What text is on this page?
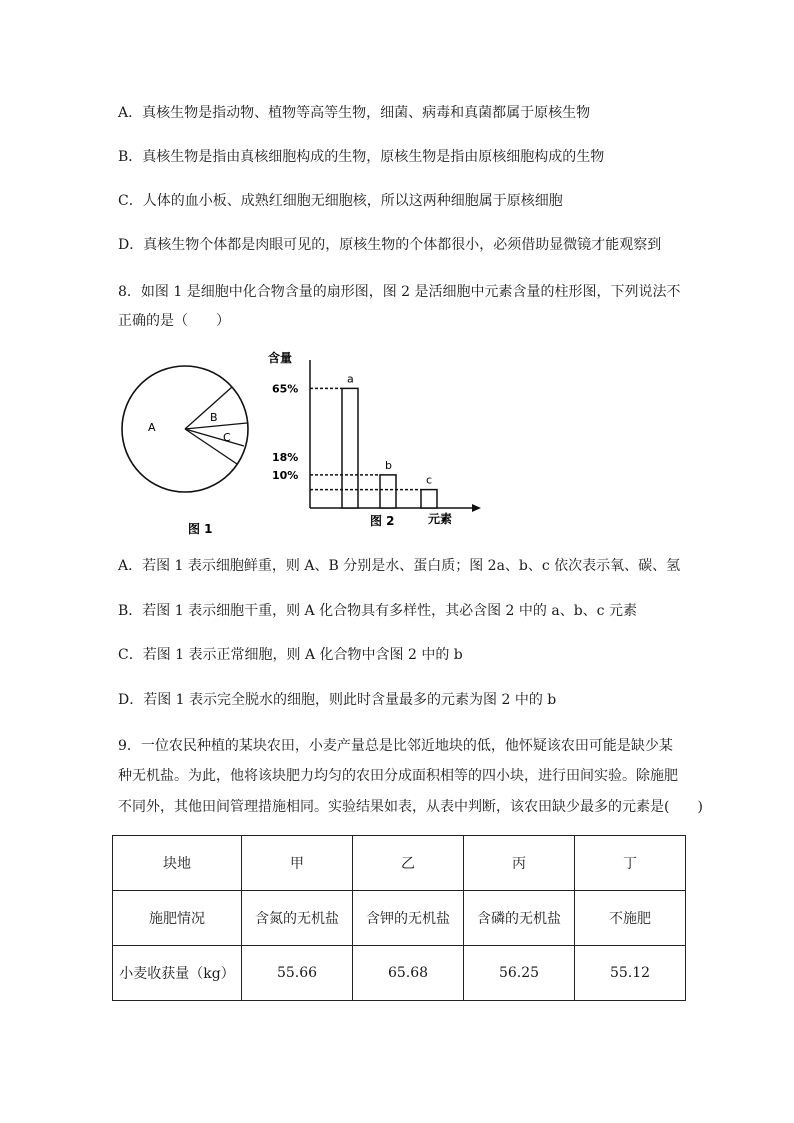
A．真核生物是指动物、植物等高等生物，细菌、病毒和真菌都属于原核生物
B．真核生物是指由真核细胞构成的生物，原核生物是指由原核细胞构成的生物
C．人体的血小板、成熟红细胞无细胞核，所以这两种细胞属于原核细胞
D．真核生物个体都是肉眼可见的，原核生物的个体都很小，必须借助显微镜才能观察到
8．如图 1 是细胞中化合物含量的扇形图，图 2 是活细胞中元素含量的柱形图，下列说法不
正确的是（　　）
A
B
C
图 1
含量
元素
图 2
a
b
c
65%
18%
10%
A．若图 1 表示细胞鲜重，则 A、B 分别是水、蛋白质；图 2a、b、c 依次表示氧、碳、氢
B．若图 1 表示细胞干重，则 A 化合物具有多样性，其必含图 2 中的 a、b、c 元素
C．若图 1 表示正常细胞，则 A 化合物中含图 2 中的 b
D．若图 1 表示完全脱水的细胞，则此时含量最多的元素为图 2 中的 b
9．一位农民种植的某块农田，小麦产量总是比邻近地块的低，他怀疑该农田可能是缺少某
种无机盐。为此，他将该块肥力均匀的农田分成面积相等的四小块，进行田间实验。除施肥
不同外，其他田间管理措施相同。实验结果如表，从表中判断，该农田缺少最多的元素是(　　)
块地	甲	乙	丙	丁
施肥情况	含氮的无机盐	含钾的无机盐	含磷的无机盐	不施肥
小麦收获量（kg）	55.66	65.68	56.25	55.12
